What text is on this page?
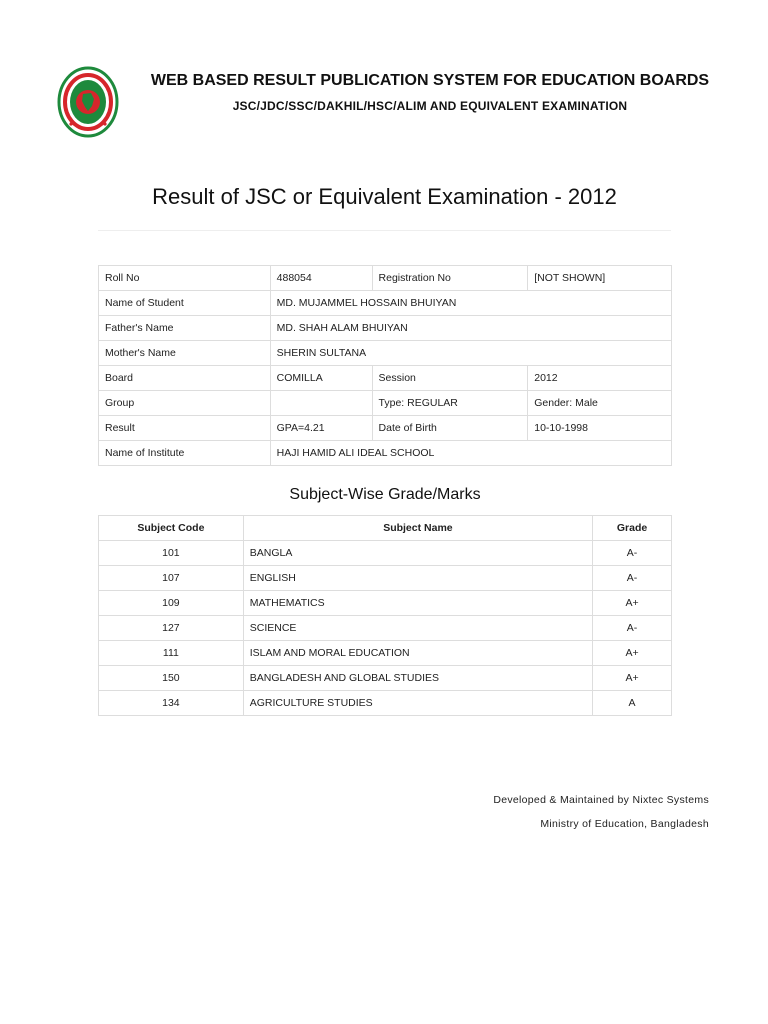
WEB BASED RESULT PUBLICATION SYSTEM FOR EDUCATION BOARDS
JSC/JDC/SSC/DAKHIL/HSC/ALIM AND EQUIVALENT EXAMINATION
Result of JSC or Equivalent Examination - 2012
Roll No	488054	Registration No	[NOT SHOWN]
Name of Student	MD. MUJAMMEL HOSSAIN BHUIYAN		
Father's Name	MD. SHAH ALAM BHUIYAN		
Mother's Name	SHERIN SULTANA		
Board	COMILLA	Session	2012
Group		Type: REGULAR	Gender: Male
Result	GPA=4.21	Date of Birth	10-10-1998
Name of Institute	HAJI HAMID ALI IDEAL SCHOOL		
Subject-Wise Grade/Marks
Subject Code	Subject Name	Grade
101	BANGLA	A-
107	ENGLISH	A-
109	MATHEMATICS	A+
127	SCIENCE	A-
111	ISLAM AND MORAL EDUCATION	A+
150	BANGLADESH AND GLOBAL STUDIES	A+
134	AGRICULTURE STUDIES	A
Developed & Maintained by Nixtec Systems
Ministry of Education, Bangladesh
